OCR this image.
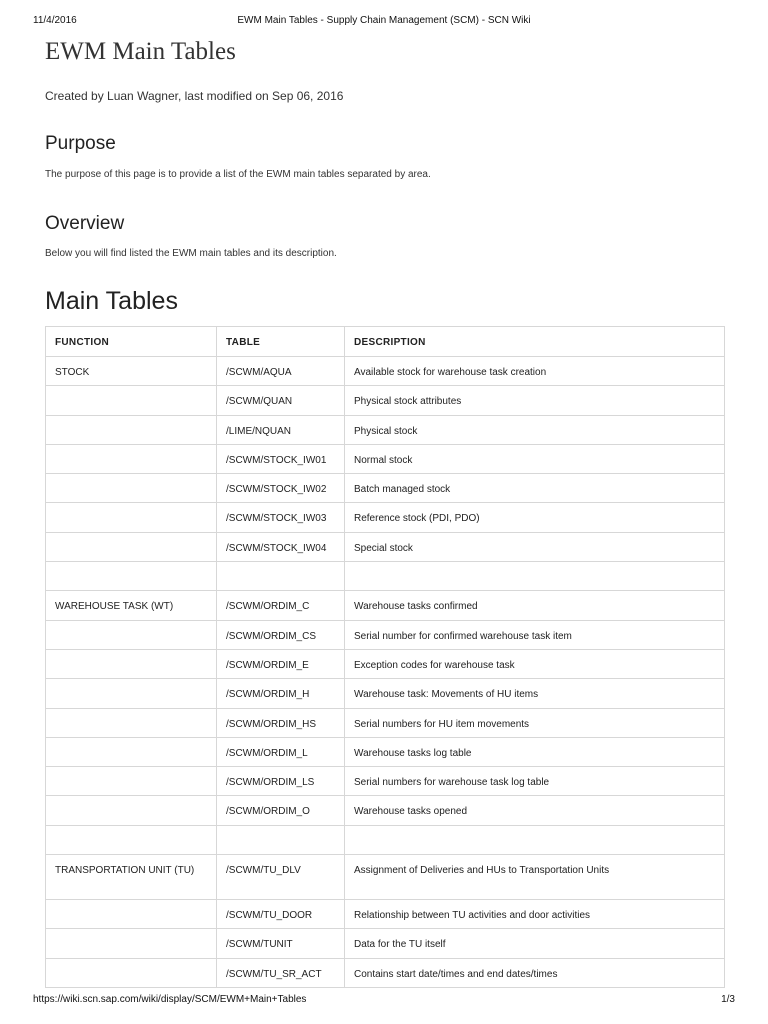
11/4/2016	EWM Main Tables - Supply Chain Management (SCM) - SCN Wiki
EWM Main Tables
Created by Luan Wagner, last modified on Sep 06, 2016
Purpose

The purpose of this page is to provide a list of the EWM main tables separated by area.

Overview

Below you will find listed the EWM main tables and its description.

Main Tables
FUNCTION	TABLE	DESCRIPTION
STOCK	/SCWM/AQUA	Available stock for warehouse task creation
	/SCWM/QUAN	Physical stock attributes
	/LIME/NQUAN	Physical stock
	/SCWM/STOCK_IW01	Normal stock
	/SCWM/STOCK_IW02	Batch managed stock
	/SCWM/STOCK_IW03	Reference stock (PDI, PDO)
	/SCWM/STOCK_IW04	Special stock

WAREHOUSE TASK (WT)	/SCWM/ORDIM_C	Warehouse tasks confirmed
	/SCWM/ORDIM_CS	Serial number for confirmed warehouse task item
	/SCWM/ORDIM_E	Exception codes for warehouse task
	/SCWM/ORDIM_H	Warehouse task: Movements of HU items
	/SCWM/ORDIM_HS	Serial numbers for HU item movements
	/SCWM/ORDIM_L	Warehouse tasks log table
	/SCWM/ORDIM_LS	Serial numbers for warehouse task log table
	/SCWM/ORDIM_O	Warehouse tasks opened

TRANSPORTATION UNIT (TU)	/SCWM/TU_DLV	Assignment of Deliveries and HUs to Transportation Units
	/SCWM/TU_DOOR	Relationship between TU activities and door activities
	/SCWM/TUNIT	Data for the TU itself
	/SCWM/TU_SR_ACT	Contains start date/times and end dates/times
https://wiki.scn.sap.com/wiki/display/SCM/EWM+Main+Tables	1/3
